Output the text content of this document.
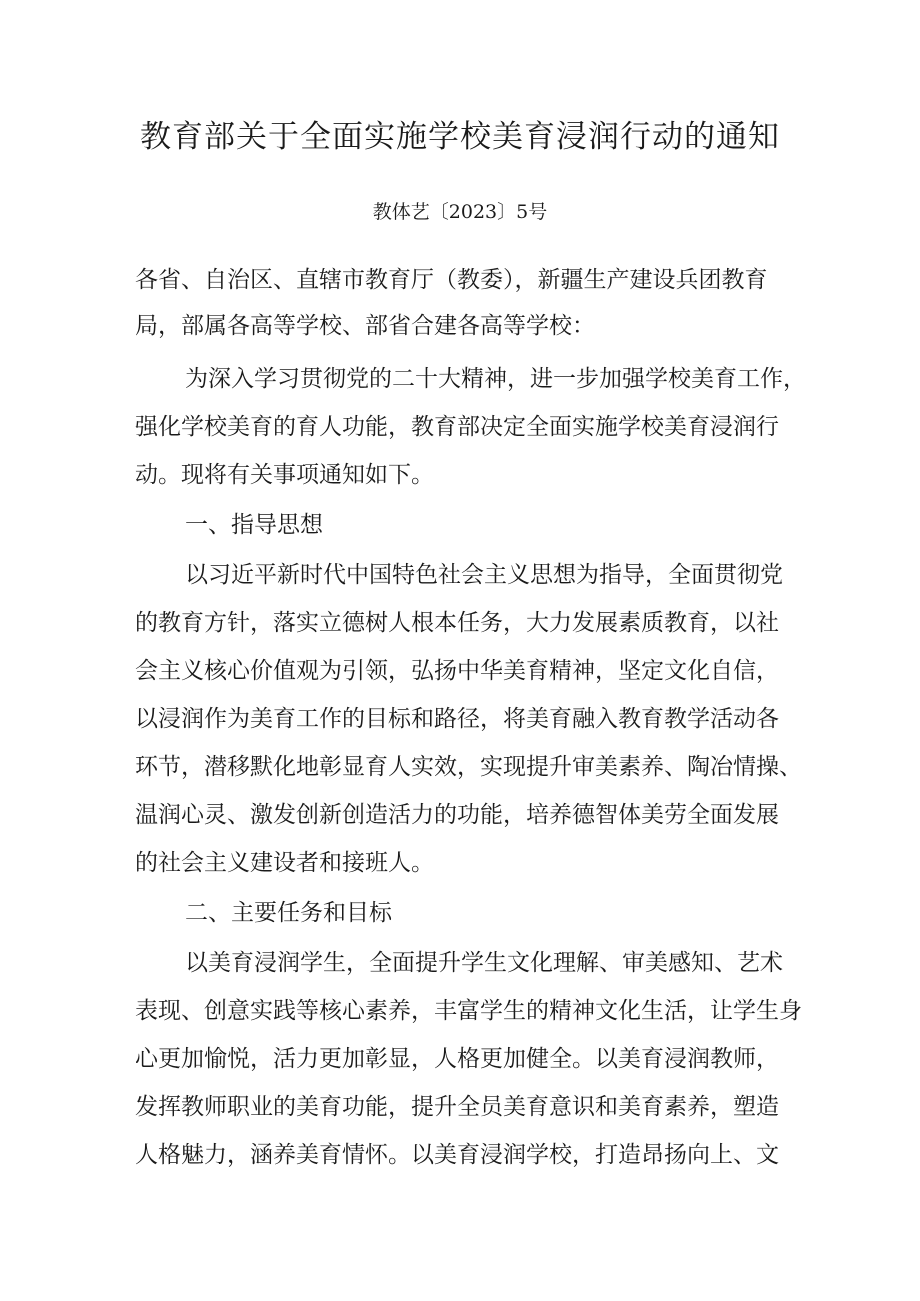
教育部关于全面实施学校美育浸润行动的通知
教体艺〔2023〕5号
各省、自治区、直辖市教育厅（教委），新疆生产建设兵团教育
局，部属各高等学校、部省合建各高等学校：
为深入学习贯彻党的二十大精神，进一步加强学校美育工作，
强化学校美育的育人功能，教育部决定全面实施学校美育浸润行
动。现将有关事项通知如下。
一、指导思想
以习近平新时代中国特色社会主义思想为指导，全面贯彻党
的教育方针，落实立德树人根本任务，大力发展素质教育，以社
会主义核心价值观为引领，弘扬中华美育精神，坚定文化自信，
以浸润作为美育工作的目标和路径，将美育融入教育教学活动各
环节，潜移默化地彰显育人实效，实现提升审美素养、陶冶情操、
温润心灵、激发创新创造活力的功能，培养德智体美劳全面发展
的社会主义建设者和接班人。
二、主要任务和目标
以美育浸润学生，全面提升学生文化理解、审美感知、艺术
表现、创意实践等核心素养，丰富学生的精神文化生活，让学生身
心更加愉悦，活力更加彰显，人格更加健全。以美育浸润教师，
发挥教师职业的美育功能，提升全员美育意识和美育素养，塑造
人格魅力，涵养美育情怀。以美育浸润学校，打造昂扬向上、文
